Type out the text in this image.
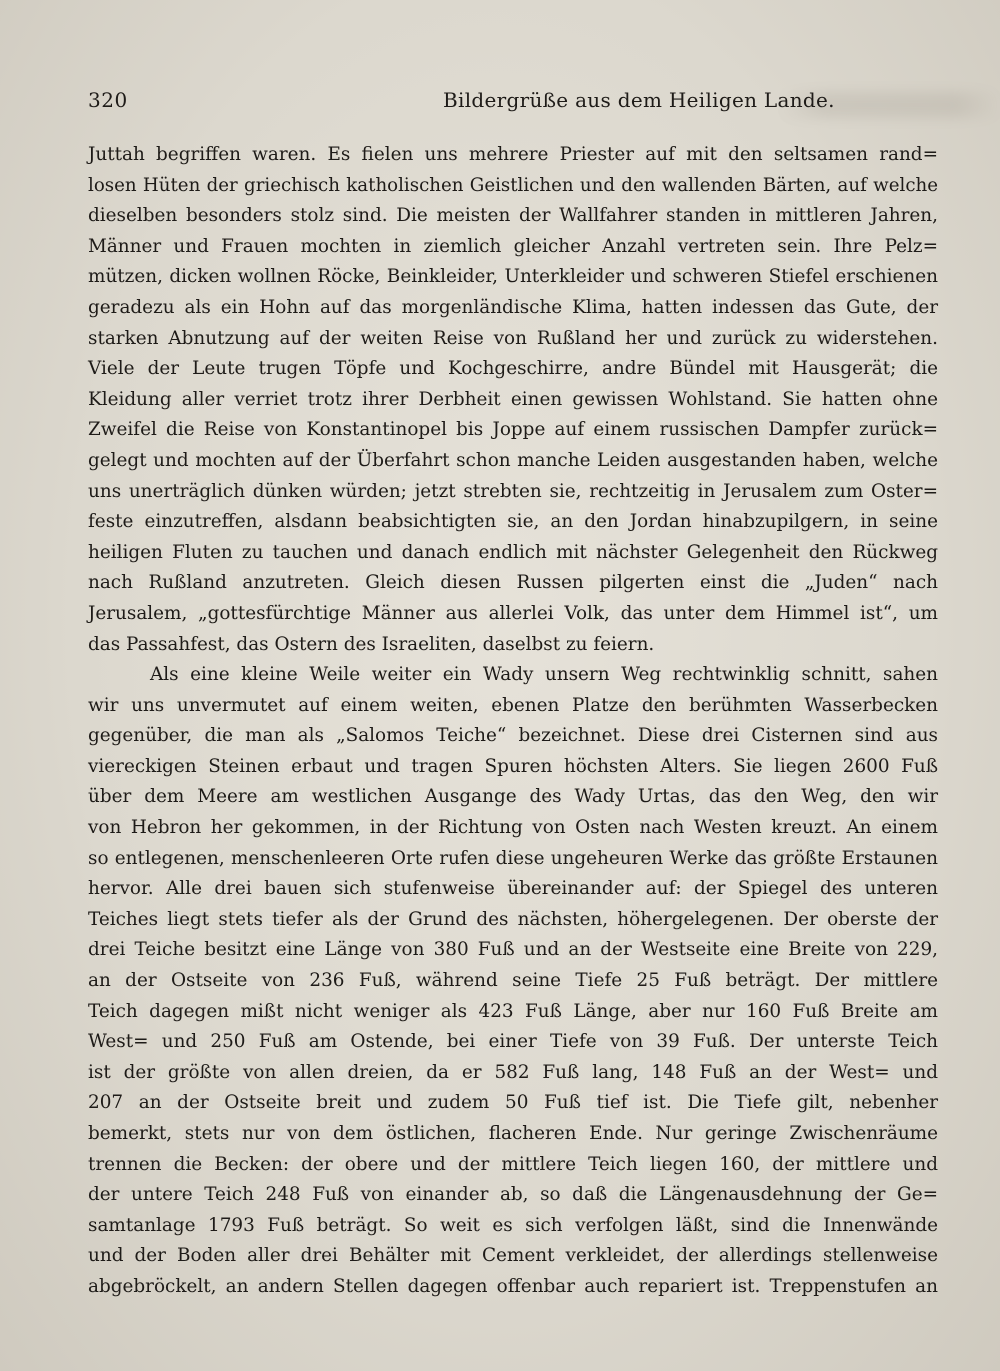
320	Bildergrüße aus dem Heiligen Lande.
Juttah begriffen waren. Es fielen uns mehrere Priester auf mit den seltsamen rand=
losen Hüten der griechisch katholischen Geistlichen und den wallenden Bärten, auf welche
dieselben besonders stolz sind. Die meisten der Wallfahrer standen in mittleren Jahren,
Männer und Frauen mochten in ziemlich gleicher Anzahl vertreten sein. Ihre Pelz=
mützen, dicken wollnen Röcke, Beinkleider, Unterkleider und schweren Stiefel erschienen
geradezu als ein Hohn auf das morgenländische Klima, hatten indessen das Gute, der
starken Abnutzung auf der weiten Reise von Rußland her und zurück zu widerstehen.
Viele der Leute trugen Töpfe und Kochgeschirre, andre Bündel mit Hausgerät; die
Kleidung aller verriet trotz ihrer Derbheit einen gewissen Wohlstand. Sie hatten ohne
Zweifel die Reise von Konstantinopel bis Joppe auf einem russischen Dampfer zurück=
gelegt und mochten auf der Überfahrt schon manche Leiden ausgestanden haben, welche
uns unerträglich dünken würden; jetzt strebten sie, rechtzeitig in Jerusalem zum Oster=
feste einzutreffen, alsdann beabsichtigten sie, an den Jordan hinabzupilgern, in seine
heiligen Fluten zu tauchen und danach endlich mit nächster Gelegenheit den Rückweg
nach Rußland anzutreten. Gleich diesen Russen pilgerten einst die „Juden“ nach
Jerusalem, „gottesfürchtige Männer aus allerlei Volk, das unter dem Himmel ist“, um
das Passahfest, das Ostern des Israeliten, daselbst zu feiern.
Als eine kleine Weile weiter ein Wady unsern Weg rechtwinklig schnitt, sahen
wir uns unvermutet auf einem weiten, ebenen Platze den berühmten Wasserbecken
gegenüber, die man als „Salomos Teiche“ bezeichnet. Diese drei Cisternen sind aus
viereckigen Steinen erbaut und tragen Spuren höchsten Alters. Sie liegen 2600 Fuß
über dem Meere am westlichen Ausgange des Wady Urtas, das den Weg, den wir
von Hebron her gekommen, in der Richtung von Osten nach Westen kreuzt. An einem
so entlegenen, menschenleeren Orte rufen diese ungeheuren Werke das größte Erstaunen
hervor. Alle drei bauen sich stufenweise übereinander auf: der Spiegel des unteren
Teiches liegt stets tiefer als der Grund des nächsten, höhergelegenen. Der oberste der
drei Teiche besitzt eine Länge von 380 Fuß und an der Westseite eine Breite von 229,
an der Ostseite von 236 Fuß, während seine Tiefe 25 Fuß beträgt. Der mittlere
Teich dagegen mißt nicht weniger als 423 Fuß Länge, aber nur 160 Fuß Breite am
West= und 250 Fuß am Ostende, bei einer Tiefe von 39 Fuß. Der unterste Teich
ist der größte von allen dreien, da er 582 Fuß lang, 148 Fuß an der West= und
207 an der Ostseite breit und zudem 50 Fuß tief ist. Die Tiefe gilt, nebenher
bemerkt, stets nur von dem östlichen, flacheren Ende. Nur geringe Zwischenräume
trennen die Becken: der obere und der mittlere Teich liegen 160, der mittlere und
der untere Teich 248 Fuß von einander ab, so daß die Längenausdehnung der Ge=
samtanlage 1793 Fuß beträgt. So weit es sich verfolgen läßt, sind die Innenwände
und der Boden aller drei Behälter mit Cement verkleidet, der allerdings stellenweise
abgebröckelt, an andern Stellen dagegen offenbar auch repariert ist. Treppenstufen an
